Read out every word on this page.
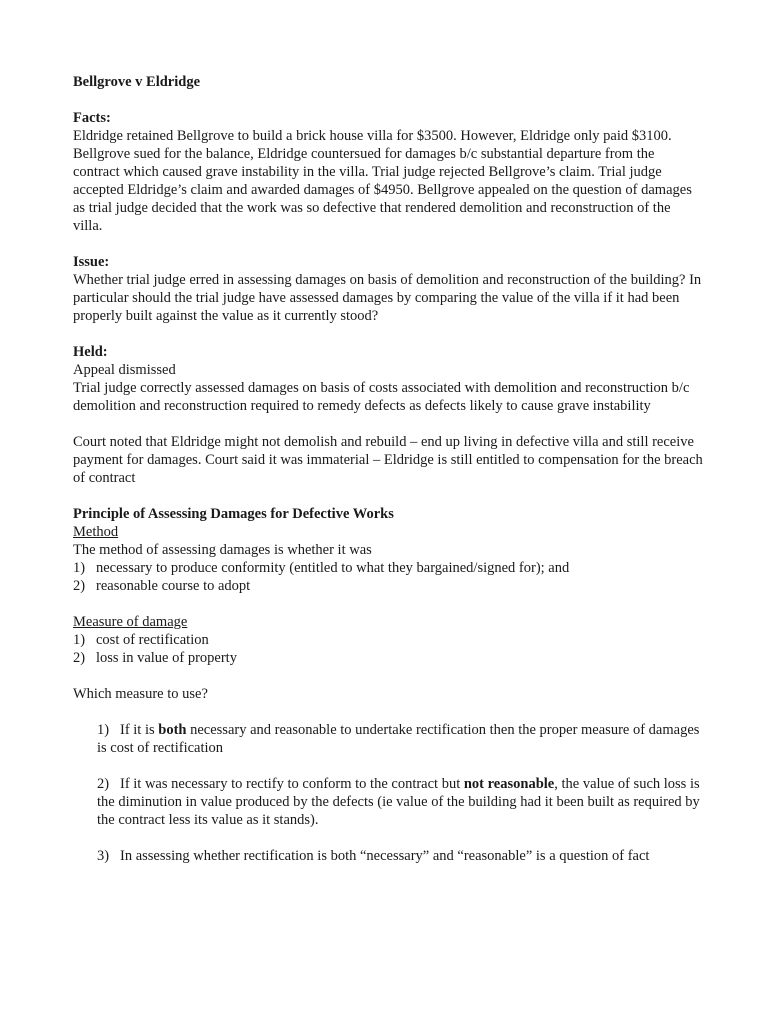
Bellgrove v Eldridge

Facts:

Eldridge retained Bellgrove to build a brick house villa for $3500. However, Eldridge only paid $3100. Bellgrove sued for the balance, Eldridge countersued for damages b/c substantial departure from the contract which caused grave instability in the villa. Trial judge rejected Bellgrove’s claim. Trial judge accepted Eldridge’s claim and awarded damages of $4950. Bellgrove appealed on the question of damages as trial judge decided that the work was so defective that rendered demolition and reconstruction of the villa.

Issue:

Whether trial judge erred in assessing damages on basis of demolition and reconstruction of the building? In particular should the trial judge have assessed damages by comparing the value of the villa if it had been properly built against the value as it currently stood?

Held:

Appeal dismissed

Trial judge correctly assessed damages on basis of costs associated with demolition and reconstruction b/c demolition and reconstruction required to remedy defects as defects likely to cause grave instability

Court noted that Eldridge might not demolish and rebuild – end up living in defective villa and still receive payment for damages. Court said it was immaterial – Eldridge is still entitled to compensation for the breach of contract

Principle of Assessing Damages for Defective Works

Method

The method of assessing damages is whether it was

1) necessary to produce conformity (entitled to what they bargained/signed for); and
2) reasonable course to adopt

Measure of damage

1) cost of rectification
2) loss in value of property

Which measure to use?

1) If it is both necessary and reasonable to undertake rectification then the proper measure of damages is cost of rectification
2) If it was necessary to rectify to conform to the contract but not reasonable, the value of such loss is the diminution in value produced by the defects (ie value of the building had it been built as required by the contract less its value as it stands).
3) In assessing whether rectification is both “necessary” and “reasonable” is a question of fact
